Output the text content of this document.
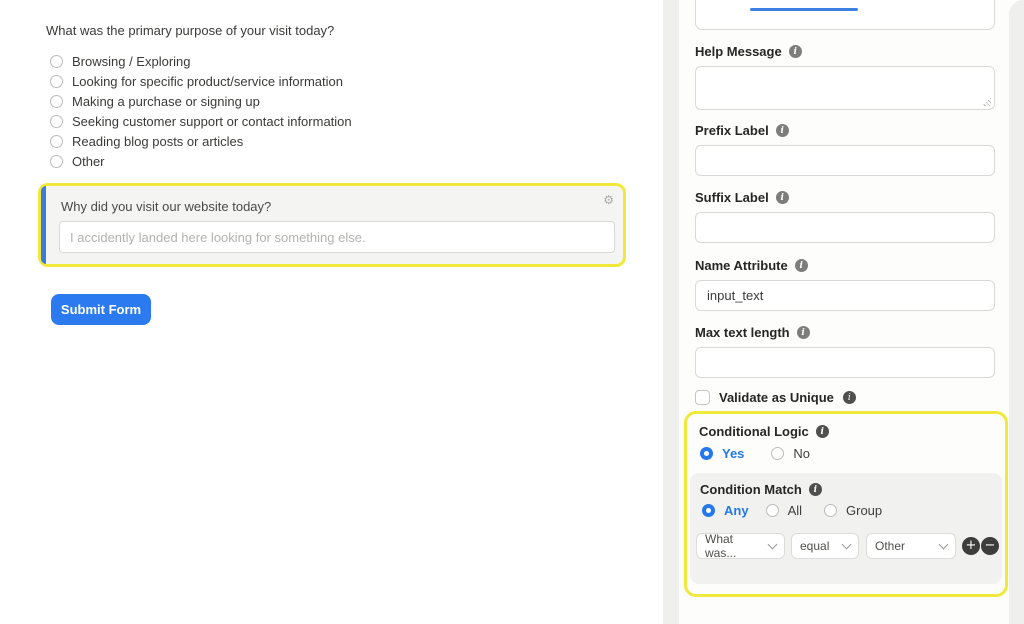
What was the primary purpose of your visit today?
Browsing / Exploring
Looking for specific product/service information
Making a purchase or signing up
Seeking customer support or contact information
Reading blog posts or articles
Other
Why did you visit our website today?	⚙
I accidently landed here looking for something else.
Submit Form
Help Message	i
Prefix Label	i
Suffix Label	i
Name Attribute	i
input_text
Max text length	i
Validate as Unique	i
Conditional Logic	i
Yes	No
Condition Match	i
Any	All	Group
What was...	equal	Other	+ −
